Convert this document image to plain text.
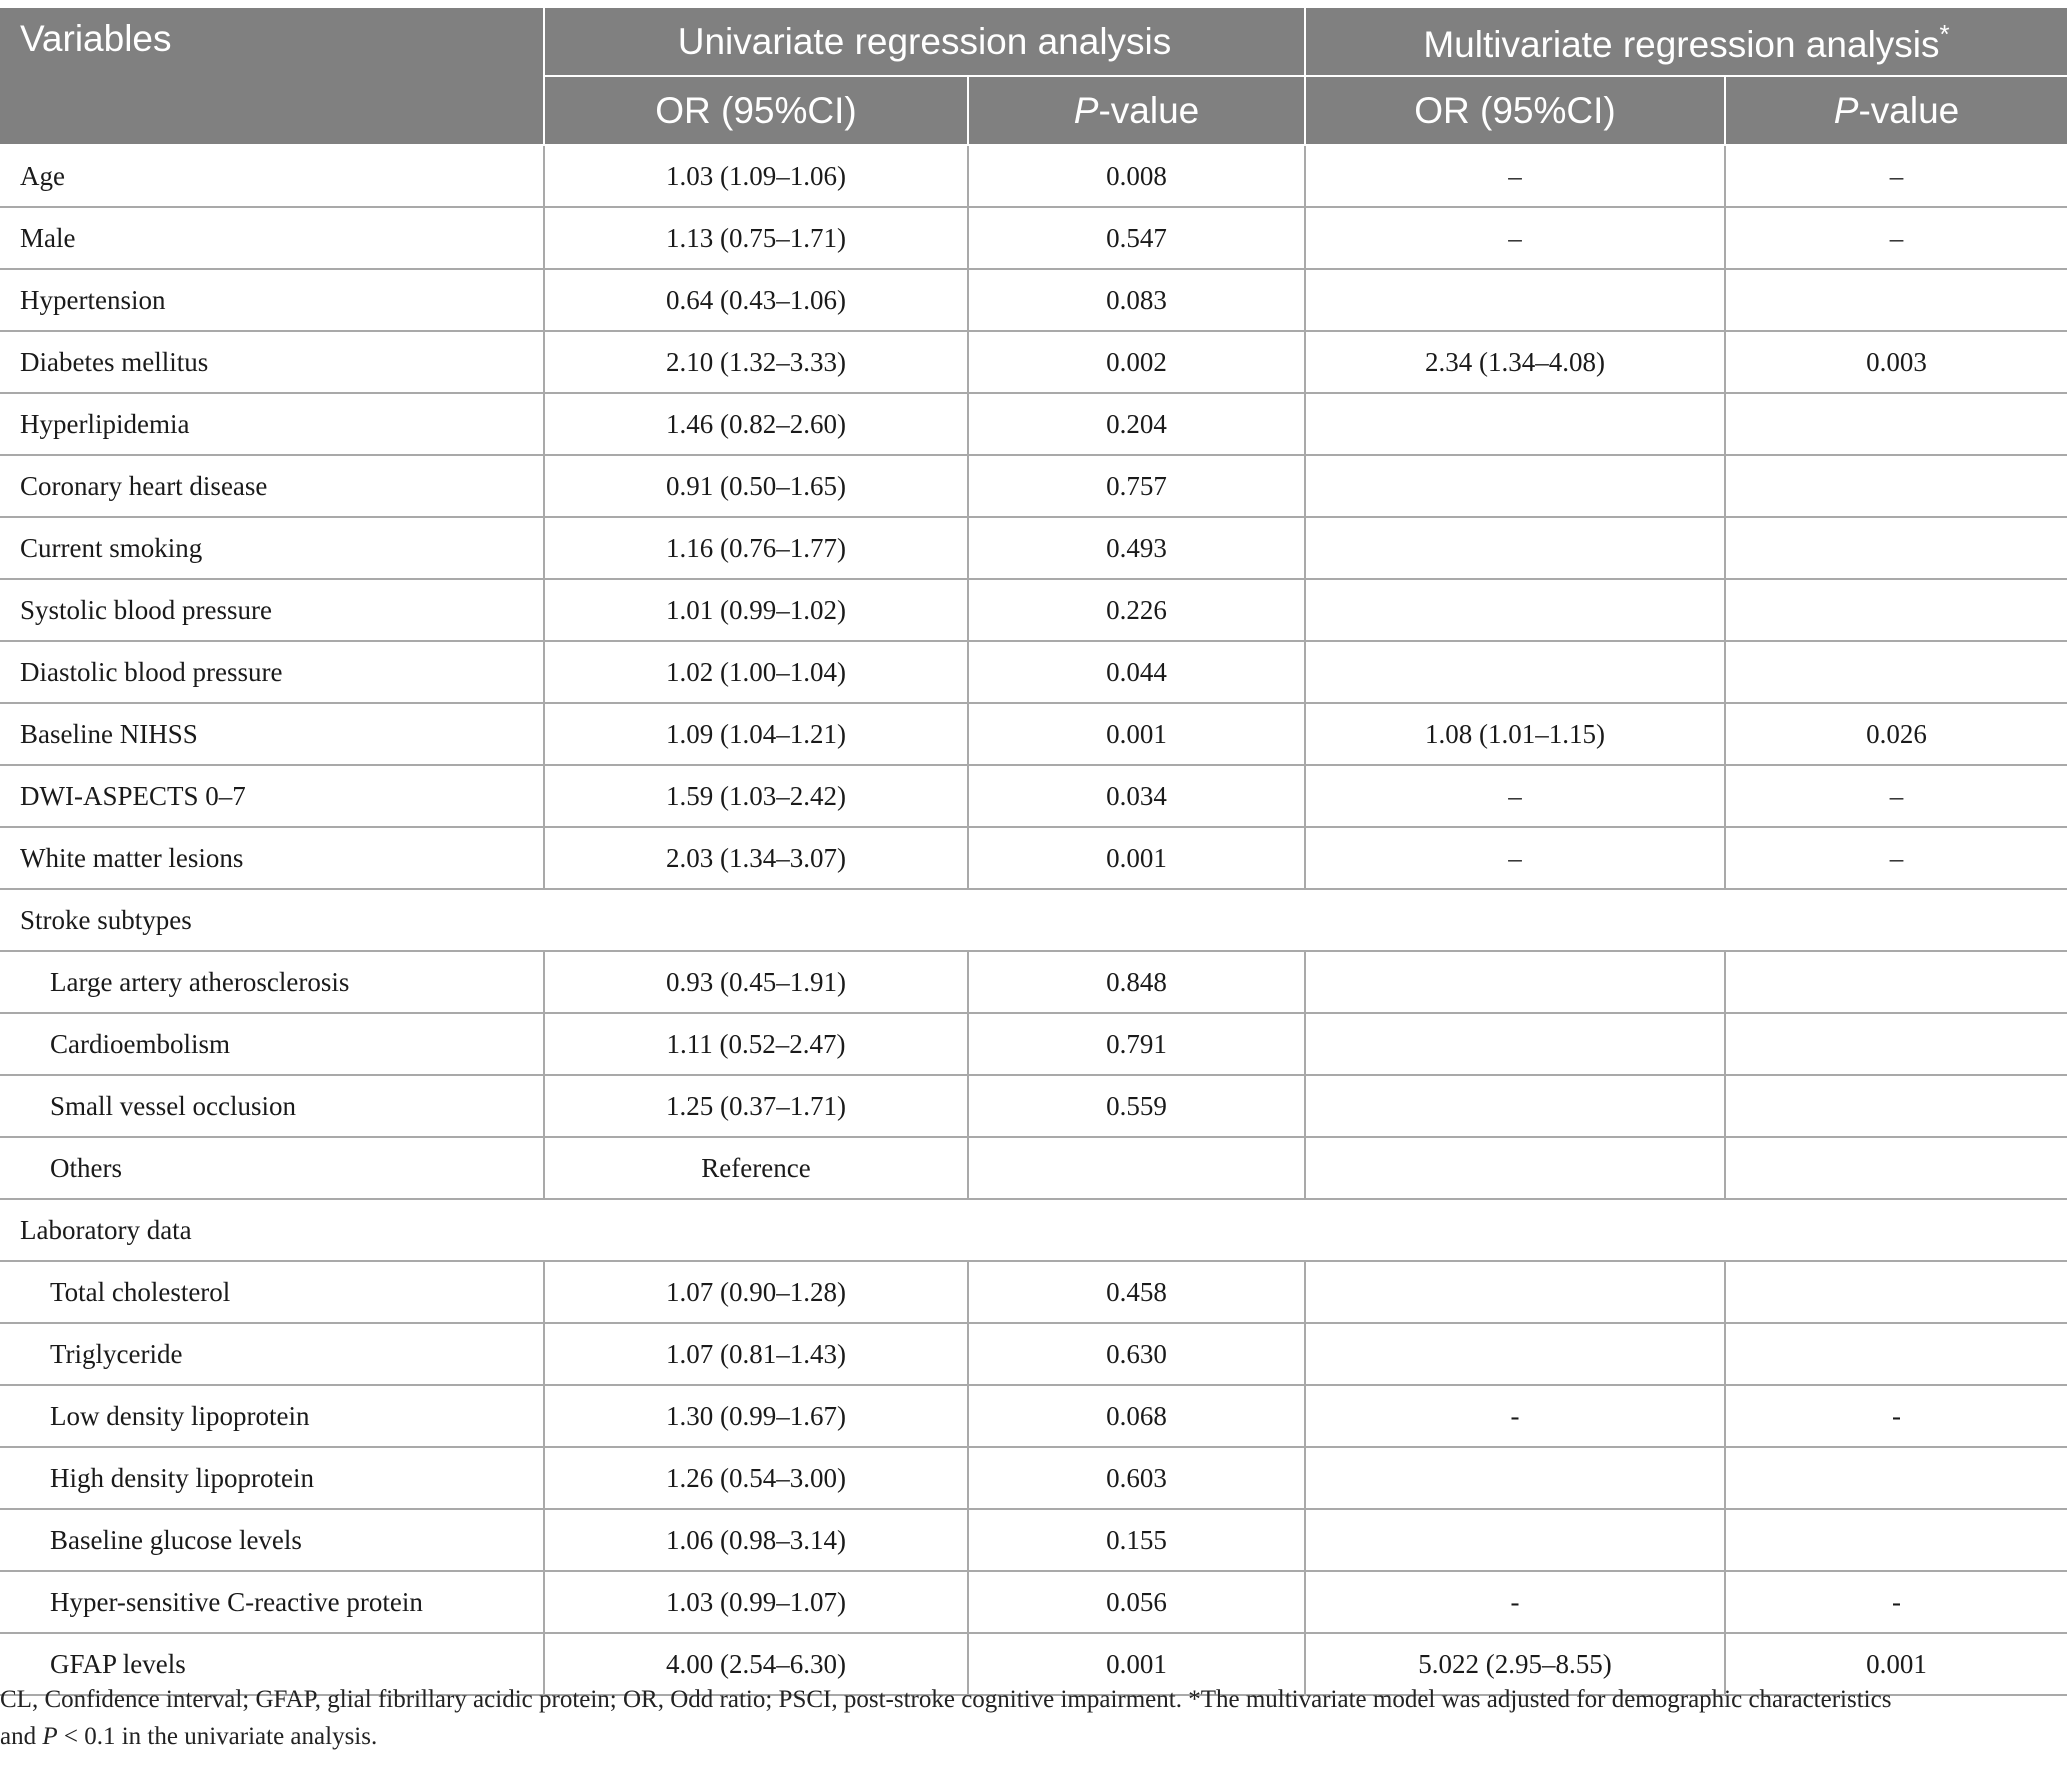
Variables	Univariate regression analysis		Multivariate regression analysis*
	OR (95%CI)	P-value	OR (95%CI)	P-value
Age	1.03 (1.09–1.06)	0.008	–	–
Male	1.13 (0.75–1.71)	0.547	–	–
Hypertension	0.64 (0.43–1.06)	0.083		
Diabetes mellitus	2.10 (1.32–3.33)	0.002	2.34 (1.34–4.08)	0.003
Hyperlipidemia	1.46 (0.82–2.60)	0.204		
Coronary heart disease	0.91 (0.50–1.65)	0.757		
Current smoking	1.16 (0.76–1.77)	0.493		
Systolic blood pressure	1.01 (0.99–1.02)	0.226		
Diastolic blood pressure	1.02 (1.00–1.04)	0.044		
Baseline NIHSS	1.09 (1.04–1.21)	0.001	1.08 (1.01–1.15)	0.026
DWI-ASPECTS 0–7	1.59 (1.03–2.42)	0.034	–	–
White matter lesions	2.03 (1.34–3.07)	0.001	–	–
Stroke subtypes				
Large artery atherosclerosis	0.93 (0.45–1.91)	0.848		
Cardioembolism	1.11 (0.52–2.47)	0.791		
Small vessel occlusion	1.25 (0.37–1.71)	0.559		
Others	Reference			
Laboratory data				
Total cholesterol	1.07 (0.90–1.28)	0.458		
Triglyceride	1.07 (0.81–1.43)	0.630		
Low density lipoprotein	1.30 (0.99–1.67)	0.068	-	-
High density lipoprotein	1.26 (0.54–3.00)	0.603		
Baseline glucose levels	1.06 (0.98–3.14)	0.155		
Hyper-sensitive C-reactive protein	1.03 (0.99–1.07)	0.056	-	-
GFAP levels	4.00 (2.54–6.30)	0.001	5.022 (2.95–8.55)	0.001
CL, Confidence interval; GFAP, glial fibrillary acidic protein; OR, Odd ratio; PSCI, post-stroke cognitive impairment. *The multivariate model was adjusted for demographic characteristics
and P < 0.1 in the univariate analysis.
